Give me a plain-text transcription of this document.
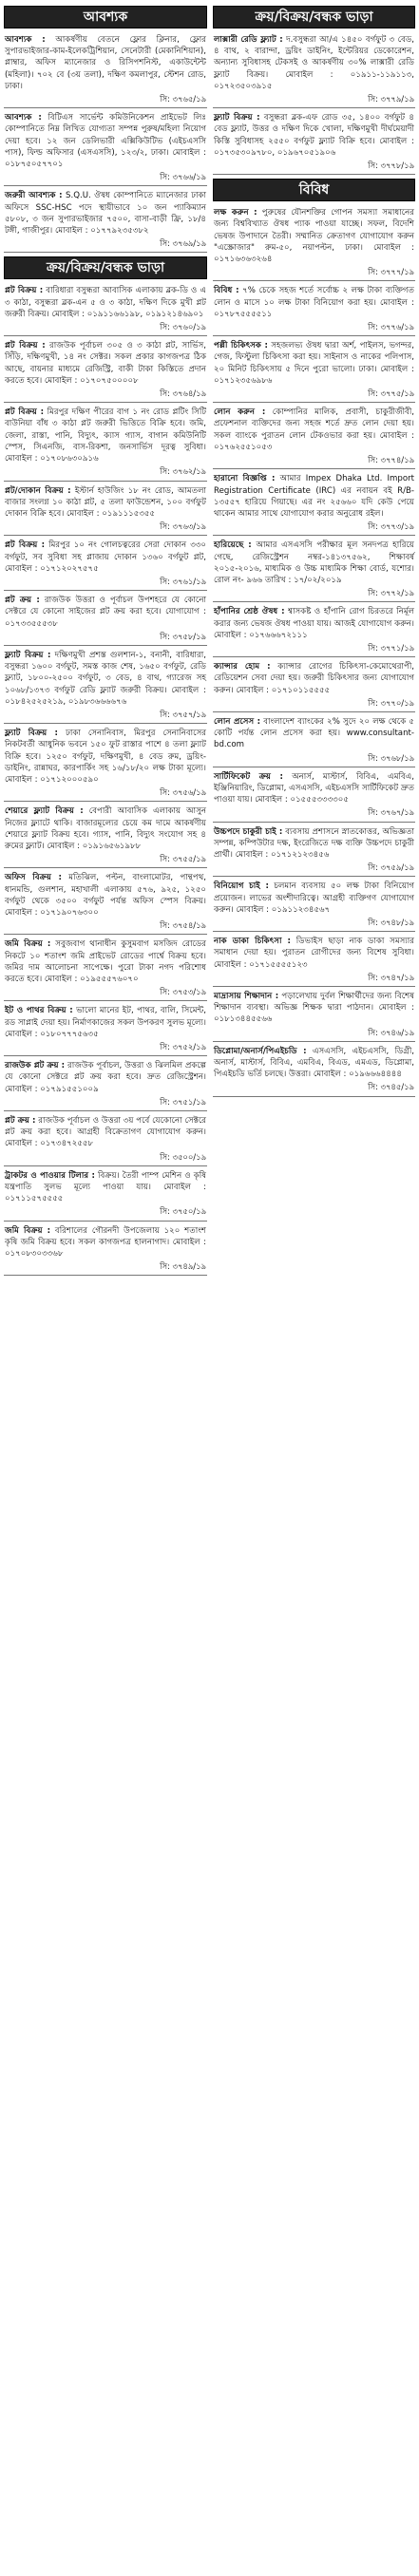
আবশ্যক
আবশ্যক : আকর্ষণীয় বেতনে ফ্লোর ক্লিনার, ফ্লোর সুপারভাইজার-কাম-ইলেকট্রিশিয়ান, সেনেটারী (মেকানিশিয়ান), প্লাম্বার, অফিস ম্যানেজার ও রিসিপশনিস্ট, একাউন্টেন্ট (মহিলা)। ৭০২ বে (৩য় তলা), দক্ষিণ কমলাপুর, স্টেশন রোড, ঢাকা।
সি: ৩৭৬৫/১৯
আবশ্যক : বিটিএস সার্ভেন্ট কমিউনিকেশন প্রাইভেট লিঃ কোম্পানিতে নিম্ন লিখিত যোগ্যতা সম্পন্ন পুরুষ/মহিলা নিয়োগ দেয়া হবে। ১২ জন ডেলিভারী এক্সিকিউটিভ (এইচএসসি পাস), ফিল্ড অফিসার (এসএসসি), ১২৩/২, ঢাকা। মোবাইল : ০১৮৭৫০৫৭৭০১
সি: ৩৭৬৬/১৯
জরুরী আবশ্যক : S.Q.U. ঔষধ কোম্পানিতে ম্যানেজার ঢাকা অফিসে SSC-HSC পদে স্থায়ীভাবে ১০ জন প্যাকিম্যান ৫৮০৮, ৩ জন সুপারভাইজার ৭৫০০, বাসা-বাড়ী ফ্রি, ১৮/৪ টঙ্গী, গাজীপুর। মোবাইল : ০১৭৭৯২৩৫৩৮২
সি: ৩৭৬৯/১৯
ক্রয়/বিক্রয়/বন্ধক ভাড়া
প্লট বিক্রয় : বারিধারা বসুন্ধরা আবাসিক এলাকায় ব্লক-ডি ও এ ৩ কাঠা, বসুন্ধরা ব্লক-এন ৫ ও ৩ কাঠা, দক্ষিণ দিকে মুখী প্লট জরুরী বিক্রয়। মোবাইল : ০১৯১১৬৬১৯৮, ০১৯১২১৪৬৯০১
সি: ৩৭৬০/১৯
প্লট বিক্রয় : রাজউক পূর্বাচল ৩০৫ ও ৩ কাঠা প্লট, সার্ভিস, সিঁড়ি, দক্ষিণমুখী, ১৪ নং সেক্টর। সকল প্রকার কাগজপত্র ঠিক আছে, বায়নার মাধ্যমে রেজিস্ট্রি, বাকী টাকা কিস্তিতে প্রদান করতে হবে। মোবাইল : ০১৭০৭৫০০০০৮
সি: ৩৭৬৪/১৯
প্লট বিক্রয় : মিরপুর দক্ষিণ পীরের বাগ ১ নং রোড প্লটিং সিটি বাউনিয়া বাঁধ ৩ কাঠা প্লট জরুরী ভিত্তিতে বিক্রি হবে। জমি, জেলা, রাস্তা, পানি, বিদ্যুৎ, ক্যাস গ্যাস, বাগান কমিউনিটি স্পেস, সিএনজি, বাস-রিকশা, জনসার্ভিস দূরত্ব সুবিধা। মোবাইল : ০১৭০৮৬৩০৯১৬
সি: ৩৭৬২/১৯
প্লট/দোকান বিক্রয় : ইস্টার্ন হাউজিং ১৮ নং রোড, আমতলা বাজার সংলগ্ন ১০ কাঠা প্লট, ৫ তলা ফাউন্ডেশন, ১০০ বর্গফুট দোকান বিক্রি হবে। মোবাইল : ০১৯১১১৫৩৫৫
সি: ৩৭৬৩/১৯
প্লট বিক্রয় : মিরপুর ১০ নং গোলচত্বরের সেরা দোকান ৩৩০ বর্গফুট, সব সুবিধা সহ প্লাজায় দোকান ১৩৬০ বর্গফুট প্লট, মোবাইল : ০১৭১২০২৭৫৭৫
সি: ৩৭৬১/১৯
প্লট ক্রয় : রাজউক উত্তরা ও পূর্বাচল উপশহরে যে কোনো সেক্টরে যে কোনো সাইজের প্লট ক্রয় করা হবে। যোগাযোগ : ০১৭৩৩৫৫৫৩৮
সি: ৩৭৫৮/১৯
ফ্ল্যাট বিক্রয় : দক্ষিণমুখী প্রশস্ত গুলশান-১, বনানী, বারিধারা, বসুন্ধরা ১৬০০ বর্গফুট, সমস্ত কাজ শেষ, ১৬৫০ বর্গফুট, রেডি ফ্ল্যাট, ১৮০০-২৫০০ বর্গফুট, ৩ বেড, ৪ বাথ, গ্যারেজ সহ ১০৬৮/১৩৭৩ বর্গফুট রেডি ফ্ল্যাট জরুরী বিক্রয়। মোবাইল : ০১৮৪২৫২৫২১৯, ০১৯৮৩৬৬৬৬৭৬
সি: ৩৭৫৭/১৯
ফ্ল্যাট বিক্রয় : ঢাকা সেনানিবাস, মিরপুর সেনানিবাসের নিকটবর্তী আধুনিক ভবনে ১৫০ ফুট রাস্তার পাশে ৪ তলা ফ্ল্যাট বিক্রি হবে। ১২৫০ বর্গফুট, দক্ষিণমুখী, ৪ বেড রুম, ড্রয়িং-ডাইনিং, রান্নাঘর, কারপার্কিং সহ ১৬/১৮/২০ লক্ষ টাকা মূল্যে। মোবাইল : ০১৭১২০০০৫৯০
সি: ৩৭৫৬/১৯
শেয়ারে ফ্ল্যাট বিক্রয় : বেপারী আবাসিক এলাকায় আসুন নিজের ফ্ল্যাটে থাকি। বাজারমূল্যের চেয়ে কম দামে আকর্ষণীয় শেয়ারে ফ্ল্যাট বিক্রয় হবে। গ্যাস, পানি, বিদ্যুৎ সংযোগ সহ ৪ রুমের ফ্ল্যাট। মোবাইল : ০১৯১৬৫৬১৯৮৮
সি: ৩৭৫৫/১৯
অফিস বিক্রয় : মতিঝিল, পল্টন, বাংলামোটর, পান্থপথ, ধানমন্ডি, গুলশান, মহাখালী এলাকায় ৫৭৬, ৯২৫, ১২৫০ বর্গফুট থেকে ৩৫০০ বর্গফুট পর্যন্ত অফিস স্পেস বিক্রয়। মোবাইল : ০১৭১৯০৭৬৩০০
সি: ৩৭৫৪/১৯
জমি বিক্রয় : সবুজবাগ থানাধীন কুসুমবাগ মসজিদ রোডের নিকটে ১০ শতাংশ জমি প্রাইভেট রোডের পার্শ্বে বিক্রয় হবে। জমির দাম আলোচনা সাপেক্ষে। পুরো টাকা নগদ পরিশোধ করতে হবে। মোবাইল : ০১৯৫৫৫৭৬০৭০
সি: ৩৭৫৩/১৯
ইট ও পাথর বিক্রয় : ভালো মানের ইট, পাথর, বালি, সিমেন্ট, রড সাপ্লাই দেয়া হয়। নির্মাণকাজের সকল উপকরণ সুলভ মূল্যে। মোবাইল : ০১৮০৭৭৭৫৬৩৫
সি: ৩৭৫২/১৯
রাজউক প্লট ক্রয় : রাজউক পূর্বাচল, উত্তরা ও ঝিলমিল প্রকল্পে যে কোনো সেক্টরে প্লট ক্রয় করা হবে। দ্রুত রেজিস্ট্রেশন। মোবাইল : ০১৭৯১৫৫১০০৯
সি: ৩৭৫১/১৯
প্লট ক্রয় : রাজউক পূর্বাচল ও উত্তরা ৩য় পর্বে যেকোনো সেক্টরে প্লট ক্রয় করা হবে। আগ্রহী বিক্রেতাগণ যোগাযোগ করুন। মোবাইল : ০১৭৩৪৭২৫৫৮
সি: ৩৫০০/১৯
ট্রাকটর ও পাওয়ার টিলার : বিক্রয়। তৈরী পাম্প মেশিন ও কৃষি যন্ত্রপাতি সুলভ মূল্যে পাওয়া যায়। মোবাইল : ০১৭১১৫৭৫৫৫৫
সি: ৩৭৫০/১৯
জমি বিক্রয় : বরিশালের গৌরনদী উপজেলায় ১২০ শতাংশ কৃষি জমি বিক্রয় হবে। সকল কাগজপত্র হালনাগাদ। মোবাইল : ০১৭০৮৩০৩৩৬৮
সি: ৩৭৪৯/১৯
ক্রয়/বিক্রয়/বন্ধক ভাড়া
লাক্সারী রেডি ফ্ল্যাট : দ.বসুন্ধরা আ/এ ১৪৫০ বর্গফুট ৩ বেড, ৪ বাথ, ২ বারান্দা, ড্রয়িং ডাইনিং, ইন্টেরিয়র ডেকোরেশন, অন্যান্য সুবিধাসহ টেকসই ও আকর্ষণীয় ৩০% লাক্সারী রেডি ফ্ল্যাট বিক্রয়। মোবাইল : ০১৯১১-১১৯১১৩, ০১৭২৩৫০৩৯১৫
সি: ৩৭৭৯/১৯
ফ্ল্যাট বিক্রয় : বসুন্ধরা ব্লক-এফ রোড ৩৫, ১৪০০ বর্গফুট ৪ বেড ফ্ল্যাট, উত্তর ও দক্ষিণ দিকে খোলা, দক্ষিণমুখী দীর্ঘমেয়াদী কিস্তি সুবিধাসহ ২৫৫০ বর্গফুট ফ্ল্যাট বিক্রি হবে। মোবাইল : ০১৭৩৫৩০৯৭৮০, ০১৯৬৭০৫১৯০৬
সি: ৩৭৭৮/১৯
বিবিধ
লক্ষ করুন : পুরুষের যৌনশক্তির গোপন সমস্যা সমাধানের জন্য বিশ্ববিখ্যাত ঔষধ প্যাক পাওয়া যাচ্ছে। সফল, বিদেশি ভেষজ উপাদানে তৈরী। সম্মানিত ক্রেতাগণ যোগাযোগ করুন "এস্ক্রোজার" রুম-৫০, নয়াপল্টন, ঢাকা। মোবাইল : ০১৭১৬৩৬৩২৬৪
সি: ৩৭৭৭/১৯
বিবিধ : ৭% চেকে সহজ শর্তে সর্বোচ্চ ২ লক্ষ টাকা ব্যক্তিগত লোন ও মাসে ১০ লক্ষ টাকা বিনিয়োগ করা হয়। মোবাইল : ০১৭৮৭৫৫৫৫১১
সি: ৩৭৭৬/১৯
পল্লী চিকিৎসক : সহজলভ্য ঔষধ দ্বারা অর্শ, পাইলস, ভগন্দর, গেজ, ফিস্টুলা চিকিৎসা করা হয়। সাইনাস ও নাকের পলিপাস, ২০ মিনিট চিকিৎসায় ৫ দিনে পুরো ভালো। ঢাকা। মোবাইল : ০১৭১২৩৫৬৯৮৬
সি: ৩৭৭৫/১৯
লোন করুন : কোম্পানির মালিক, প্রবাসী, চাকুরীজীবী, প্রফেশনাল ব্যক্তিদের জন্য সহজ শর্তে দ্রুত লোন দেয়া হয়। সকল ব্যাংকে পুরাতন লোন টেকওভার করা হয়। মোবাইল : ০১৭৬২৫৫১০৫৩
সি: ৩৭৭৪/১৯
হারানো বিজ্ঞপ্তি : আমার Impex Dhaka Ltd. Import Registration Certificate (IRC) এর নবায়ন বই R/B- ১৩৫৫৭ হারিয়ে গিয়াছে। এর নং ২৫৬৬০ যদি কেউ পেয়ে থাকেন আমার সাথে যোগাযোগ করার অনুরোধ রইল।
সি: ৩৭৭৩/১৯
হারিয়েছে : আমার এসএসসি পরীক্ষার মূল সনদপত্র হারিয়ে গেছে, রেজিস্ট্রেশন নম্বর-১৪১৩৭৫৬২, শিক্ষাবর্ষ ২০১৫-২০১৬, মাধ্যমিক ও উচ্চ মাধ্যমিক শিক্ষা বোর্ড, যশোর। রোল নং- ৯৬৬ তারিখ : ১৭/০২/২০১৯
সি: ৩৭৭২/১৯
হাঁপানির শ্রেষ্ঠ ঔষধ : শ্বাসকষ্ট ও হাঁপানি রোগ চিরতরে নির্মূল করার জন্য ভেষজ ঔষধ পাওয়া যায়। আজই যোগাযোগ করুন। মোবাইল : ০১৭৬৬৬৭২১১১
সি: ৩৭৭১/১৯
ক্যান্সার হোম : ক্যান্সার রোগের চিকিৎসা-কেমোথেরাপী, রেডিয়েশন সেবা দেয়া হয়। জরুরী চিকিৎসার জন্য যোগাযোগ করুন। মোবাইল : ০১৭১০১১৫৫৫৫
সি: ৩৭৭০/১৯
লোন প্রসেস : বাংলাদেশ ব্যাংকের ২% সুদে ২০ লক্ষ থেকে ৫ কোটি পর্যন্ত লোন প্রসেস করা হয়। www.consultant-bd.com
সি: ৩৭৬৮/১৯
সার্টিফিকেট ক্রয় : অনার্স, মাস্টার্স, বিবিএ, এমবিএ, ইঞ্জিনিয়ারিং, ডিপ্লোমা, এসএসসি, এইচএসসি সার্টিফিকেট দ্রুত পাওয়া যায়। মোবাইল : ০১৫৫৫৩৩৩৩০৫
সি: ৩৭৬৭/১৯
উচ্চপদে চাকুরী চাই : ব্যবসায় প্রশাসনে স্নাতকোত্তর, অভিজ্ঞতা সম্পন্ন, কম্পিউটার দক্ষ, ইংরেজিতে দক্ষ ব্যক্তি উচ্চপদে চাকুরী প্রার্থী। মোবাইল : ০১৭১২১২৩৪৫৬
সি: ৩৭৫৯/১৯
বিনিয়োগ চাই : চলমান ব্যবসায় ৫০ লক্ষ টাকা বিনিয়োগ প্রয়োজন। লাভের অংশীদারিত্বে। আগ্রহী ব্যক্তিগণ যোগাযোগ করুন। মোবাইল : ০১৯১১২৩৪৫৬৭
সি: ৩৭৪৮/১৯
নাক ডাকা চিকিৎসা : ডিভাইস ছাড়া নাক ডাকা সমস্যার সমাধান দেয়া হয়। পুরাতন রোগীদের জন্য বিশেষ সুবিধা। মোবাইল : ০১৭১৫৫৫৫১২৩
সি: ৩৭৪৭/১৯
মাদ্রাসায় শিক্ষাদান : পড়ালেখায় দুর্বল শিক্ষার্থীদের জন্য বিশেষ শিক্ষাদান ব্যবস্থা। অভিজ্ঞ শিক্ষক দ্বারা পাঠদান। মোবাইল : ০১৮১৩৪৪৫৫৬৬
সি: ৩৭৪৬/১৯
ডিপ্লোমা/অনার্স/পিএইচডি : এসএসসি, এইচএসসি, ডিগ্রী, অনার্স, মাস্টার্স, বিবিএ, এমবিএ, বিএড, এমএড, ডিপ্লোমা, পিএইচডি ভর্তি চলছে। উত্তরা। মোবাইল : ০১৯৬৬৬৪৪৪৪
সি: ৩৭৪৫/১৯
